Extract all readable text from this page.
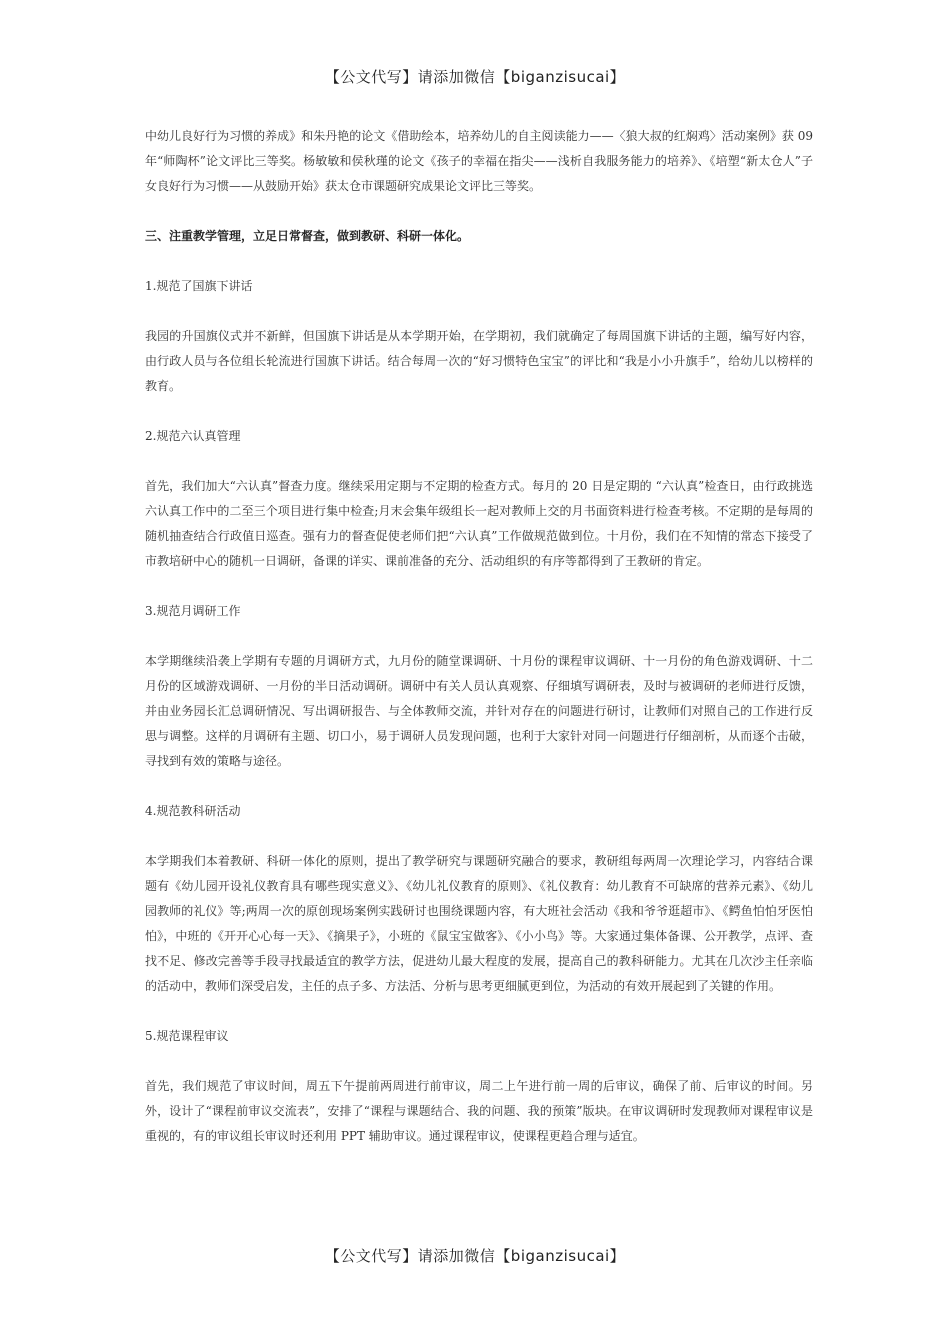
【公文代写】请添加微信【biganzisucai】

中幼儿良好行为习惯的养成》和朱丹艳的论文《借助绘本，培养幼儿的自主阅读能力——〈狼大叔的红焖鸡〉活动案例》获 09 年“师陶杯”论文评比三等奖。杨敏敏和侯秋瑾的论文《孩子的幸福在指尖——浅析自我服务能力的培养》、《培塑“新太仓人”子女良好行为习惯——从鼓励开始》获太仓市课题研究成果论文评比三等奖。

三、注重教学管理，立足日常督查，做到教研、科研一体化。

1.规范了国旗下讲话

我园的升国旗仪式并不新鲜，但国旗下讲话是从本学期开始，在学期初，我们就确定了每周国旗下讲话的主题，编写好内容，由行政人员与各位组长轮流进行国旗下讲话。结合每周一次的“好习惯特色宝宝”的评比和“我是小小升旗手”，给幼儿以榜样的教育。

2.规范六认真管理

首先，我们加大“六认真”督查力度。继续采用定期与不定期的检查方式。每月的 20 日是定期的 “六认真”检查日，由行政挑选六认真工作中的二至三个项目进行集中检查;月末会集年级组长一起对教师上交的月书面资料进行检查考核。不定期的是每周的随机抽查结合行政值日巡查。强有力的督查促使老师们把“六认真”工作做规范做到位。十月份，我们在不知情的常态下接受了市教培研中心的随机一日调研，备课的详实、课前准备的充分、活动组织的有序等都得到了王教研的肯定。

3.规范月调研工作

本学期继续沿袭上学期有专题的月调研方式，九月份的随堂课调研、十月份的课程审议调研、十一月份的角色游戏调研、十二月份的区域游戏调研、一月份的半日活动调研。调研中有关人员认真观察、仔细填写调研表，及时与被调研的老师进行反馈，并由业务园长汇总调研情况、写出调研报告、与全体教师交流，并针对存在的问题进行研讨，让教师们对照自己的工作进行反思与调整。这样的月调研有主题、切口小，易于调研人员发现问题，也利于大家针对同一问题进行仔细剖析，从而逐个击破，寻找到有效的策略与途径。

4.规范教科研活动

本学期我们本着教研、科研一体化的原则，提出了教学研究与课题研究融合的要求，教研组每两周一次理论学习，内容结合课题有《幼儿园开设礼仪教育具有哪些现实意义》、《幼儿礼仪教育的原则》、《礼仪教育：幼儿教育不可缺席的营养元素》、《幼儿园教师的礼仪》等;两周一次的原创现场案例实践研讨也围绕课题内容，有大班社会活动《我和爷爷逛超市》、《鳄鱼怕怕牙医怕怕》，中班的《开开心心每一天》、《摘果子》，小班的《鼠宝宝做客》、《小小鸟》等。大家通过集体备课、公开教学，点评、查找不足、修改完善等手段寻找最适宜的教学方法，促进幼儿最大程度的发展，提高自己的教科研能力。尤其在几次沙主任亲临的活动中，教师们深受启发，主任的点子多、方法活、分析与思考更细腻更到位，为活动的有效开展起到了关键的作用。

5.规范课程审议

首先，我们规范了审议时间，周五下午提前两周进行前审议，周二上午进行前一周的后审议，确保了前、后审议的时间。另外，设计了“课程前审议交流表”，安排了“课程与课题结合、我的问题、我的预策”版块。在审议调研时发现教师对课程审议是重视的，有的审议组长审议时还利用 PPT 辅助审议。通过课程审议，使课程更趋合理与适宜。

【公文代写】请添加微信【biganzisucai】
